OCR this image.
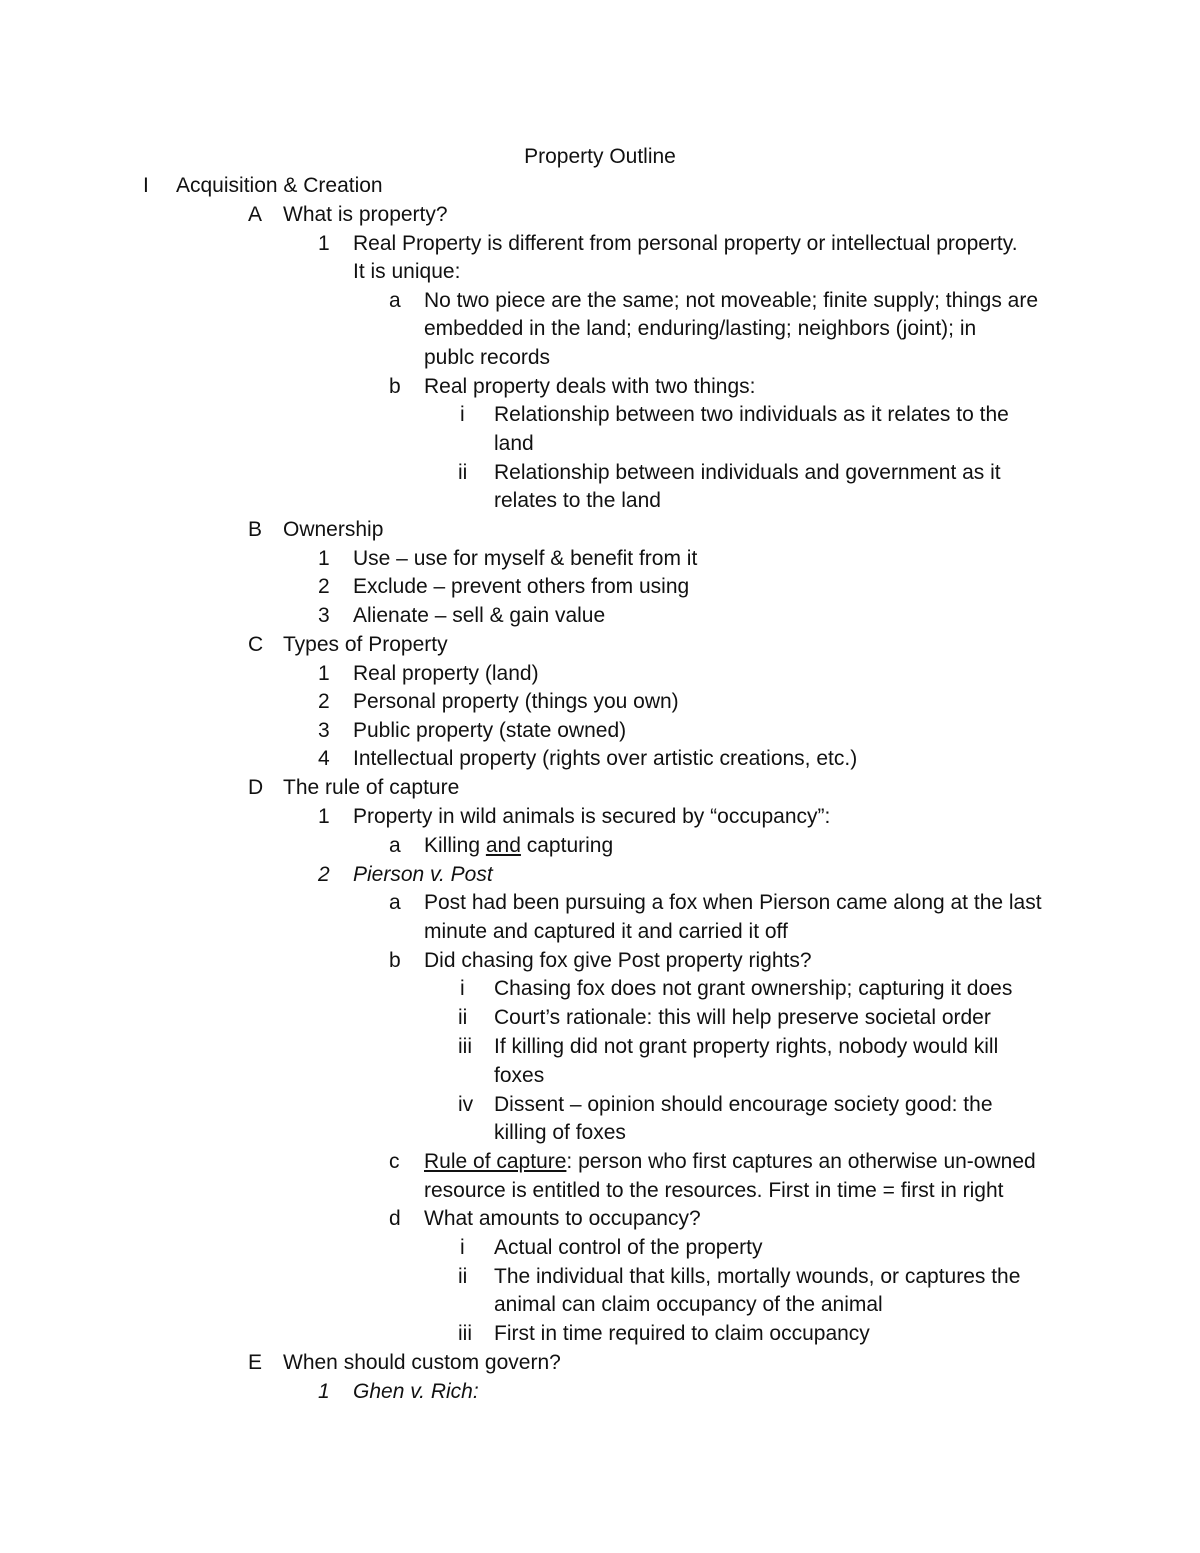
Property Outline
I Acquisition & Creation
A What is property?
1 Real Property is different from personal property or intellectual property.
It is unique:
a No two piece are the same; not moveable; finite supply; things are
embedded in the land; enduring/lasting; neighbors (joint); in
publc records
b Real property deals with two things:
i Relationship between two individuals as it relates to the
land
ii Relationship between individuals and government as it
relates to the land
B Ownership
1 Use – use for myself & benefit from it
2 Exclude – prevent others from using
3 Alienate – sell & gain value
C Types of Property
1 Real property (land)
2 Personal property (things you own)
3 Public property (state owned)
4 Intellectual property (rights over artistic creations, etc.)
D The rule of capture
1 Property in wild animals is secured by “occupancy”:
a Killing and capturing
2 Pierson v. Post
a Post had been pursuing a fox when Pierson came along at the last
minute and captured it and carried it off
b Did chasing fox give Post property rights?
i Chasing fox does not grant ownership; capturing it does
ii Court’s rationale: this will help preserve societal order
iii If killing did not grant property rights, nobody would kill
foxes
iv Dissent – opinion should encourage society good: the
killing of foxes
c Rule of capture: person who first captures an otherwise un-owned
resource is entitled to the resources. First in time = first in right
d What amounts to occupancy?
i Actual control of the property
ii The individual that kills, mortally wounds, or captures the
animal can claim occupancy of the animal
iii First in time required to claim occupancy
E When should custom govern?
1 Ghen v. Rich:
